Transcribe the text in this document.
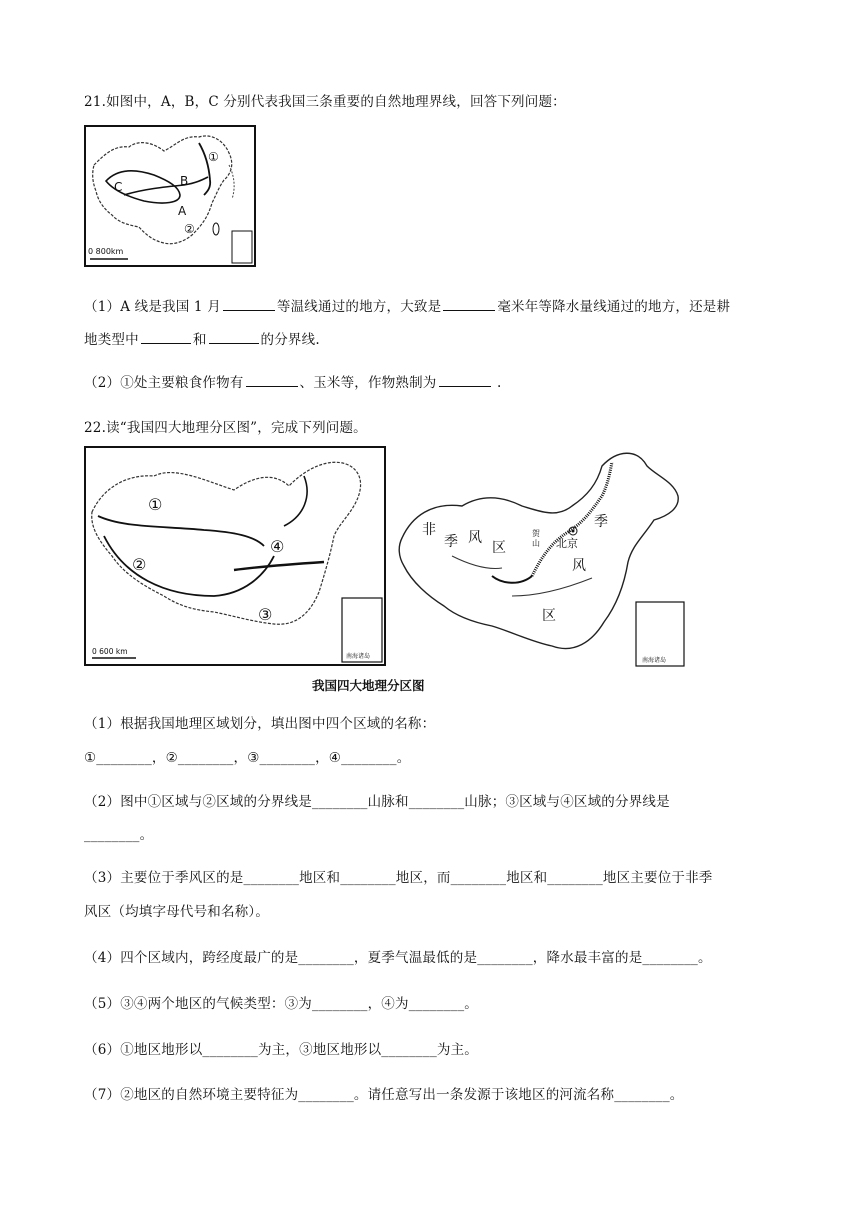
21.如图中，A，B，C 分别代表我国三条重要的自然地理界线，回答下列问题：
0 800km
①
②
A
B
C
（1）A 线是我国 1 月	等温线通过的地方，大致是	毫米年等降水量线通过的地方，还是耕
地类型中	和	的分界线.
（2）①处主要粮食作物有	、玉米等，作物熟制为	.
22.读“我国四大地理分区图”，完成下列问题。
南海诸岛
0 600 km
①
②
③
④
南海诸岛
非
季 风
区
季
风
区
贺
山 北京
我国四大地理分区图
（1）根据我国地理区域划分，填出图中四个区域的名称：
①________，②________，③________，④________。
（2）图中①区域与②区域的分界线是________山脉和________山脉；③区域与④区域的分界线是
________。
（3）主要位于季风区的是________地区和________地区，而________地区和________地区主要位于非季
风区（均填字母代号和名称）。
（4）四个区域内，跨经度最广的是________，夏季气温最低的是________，降水最丰富的是________。
（5）③④两个地区的气候类型：③为________，④为________。
（6）①地区地形以________为主，③地区地形以________为主。
（7）②地区的自然环境主要特征为________。请任意写出一条发源于该地区的河流名称________。
